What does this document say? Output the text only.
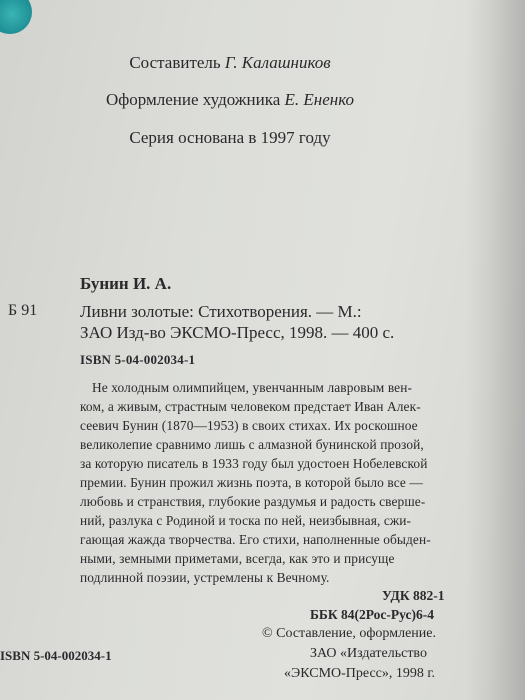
Составитель Г. Калашников
Оформление художника Е. Ененко
Серия основана в 1997 году
Бунин И. А.
Б 91	Ливни золотые: Стихотворения. — М.:
ЗАО Изд-во ЭКСМО-Пресс, 1998. — 400 с.
ISBN 5-04-002034-1
Не холодным олимпийцем, увенчанным лавровым вен-
ком, а живым, страстным человеком предстает Иван Алек-
сеевич Бунин (1870—1953) в своих стихах. Их роскошное
великолепие сравнимо лишь с алмазной бунинской прозой,
за которую писатель в 1933 году был удостоен Нобелевской
премии. Бунин прожил жизнь поэта, в которой было все —
любовь и странствия, глубокие раздумья и радость сверше-
ний, разлука с Родиной и тоска по ней, неизбывная, сжи-
гающая жажда творчества. Его стихи, наполненные обыден-
ными, земными приметами, всегда, как это и присуще
подлинной поэзии, устремлены к Вечному.
УДК 882-1
ББК 84(2Рос-Рус)6-4
© Составление, оформление.
ЗАО «Издательство
«ЭКСМО-Пресс», 1998 г.
ISBN 5-04-002034-1
